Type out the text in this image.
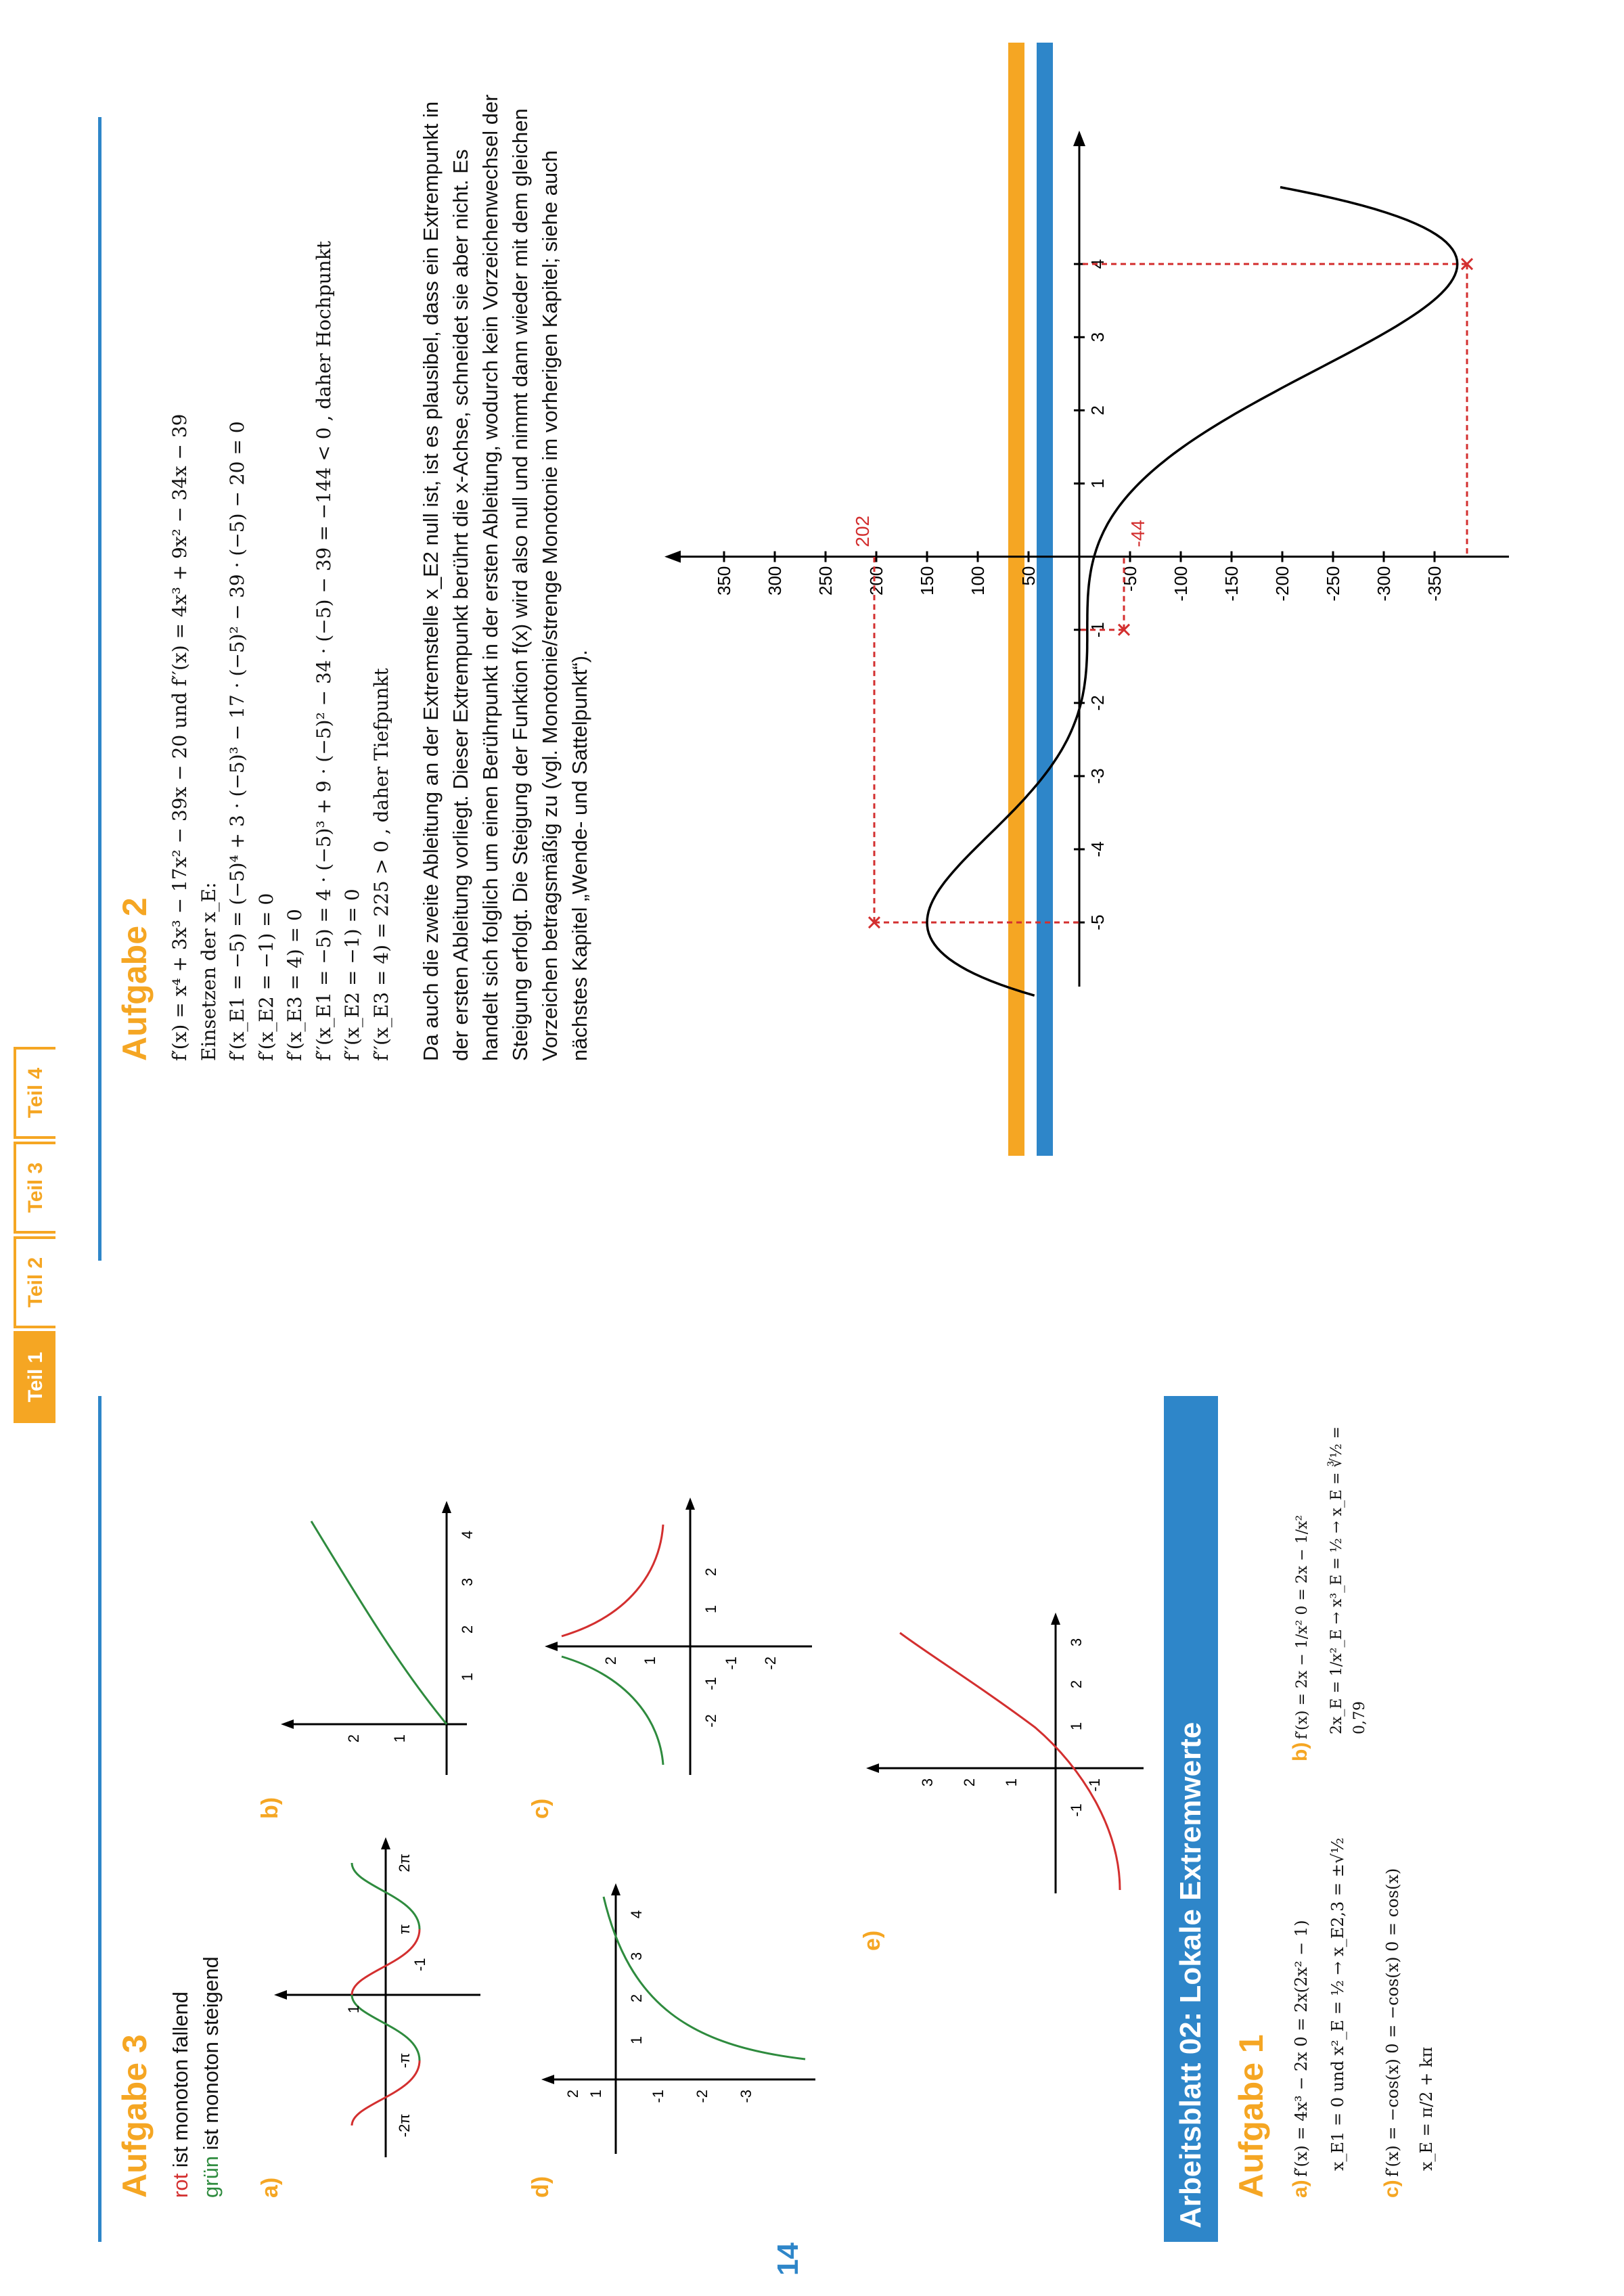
Teil 1
Teil 2
Teil 3
Teil 4
Aufgabe 3 rot ist monoton fallend
grün ist monoton steigend
a)
b)	c)
d)
e)
-2π
-π
π
2π
1
-1
1
2
3
4
2 1
-2
-1
1
2
2 1	-1 -2
1
2
3
4
2 1	-1 -2 -3
-1
1
2
3
3 2 1	-1	Arbeitsblatt 02: Lokale Extremwerte Aufgabe 1 a) f′(x) = 4x³ − 2x 0 = 2x(2x² − 1) x_E1 = 0 und x²_E = ½ → x_E2,3 = ±√½
b) f′(x) = 2x − 1/x² 0 = 2x − 1/x² 2x_E = 1/x²_E → x³_E = ½ → x_E = ∛½ = 0,79
c) f′(x) = −cos(x) 0 = −cos(x) 0 = cos(x) x_E = π/2 + kπ
14
Aufgabe 2 f′(x) = x⁴ + 3x³ − 17x² − 39x − 20 und f′′(x) = 4x³ + 9x² − 34x − 39 Einsetzen der x_E: f′(x_E1 = −5) = (−5)⁴ + 3 · (−5)³ − 17 · (−5)² − 39 · (−5) − 20 = 0 f′(x_E2 = −1) = 0 f′(x_E3 = 4) = 0 f′′(x_E1 = −5) = 4 · (−5)³ + 9 · (−5)² − 34 · (−5) − 39 = −144 < 0 , daher Hochpunkt f′′(x_E2 = −1) = 0 f′′(x_E3 = 4) = 225 > 0 , daher Tiefpunkt Da auch die zweite Ableitung an der Extremstelle x_E2 null ist, ist es plausibel, dass ein Extrempunkt in der ersten Ableitung vorliegt. Dieser Extrempunkt berührt die x-Achse, schneidet sie aber nicht. Es handelt sich folglich um einen Berührpunkt in der ersten Ableitung, wodurch kein Vorzeichenwechsel der Steigung erfolgt. Die Steigung der Funktion f(x) wird also null und nimmt dann wieder mit dem gleichen Vorzeichen betragsmäßig zu (vgl. Monotonie/strenge Monotonie im vorherigen Kapitel; siehe auch nächstes Kapitel „Wende- und Sattelpunkt“).	-5
-4
-3
-2
-1
1
2
3
4
350 300 250 200 150 100 50	-50 -100 -150 -200 -250 -300 -350
202	-44
